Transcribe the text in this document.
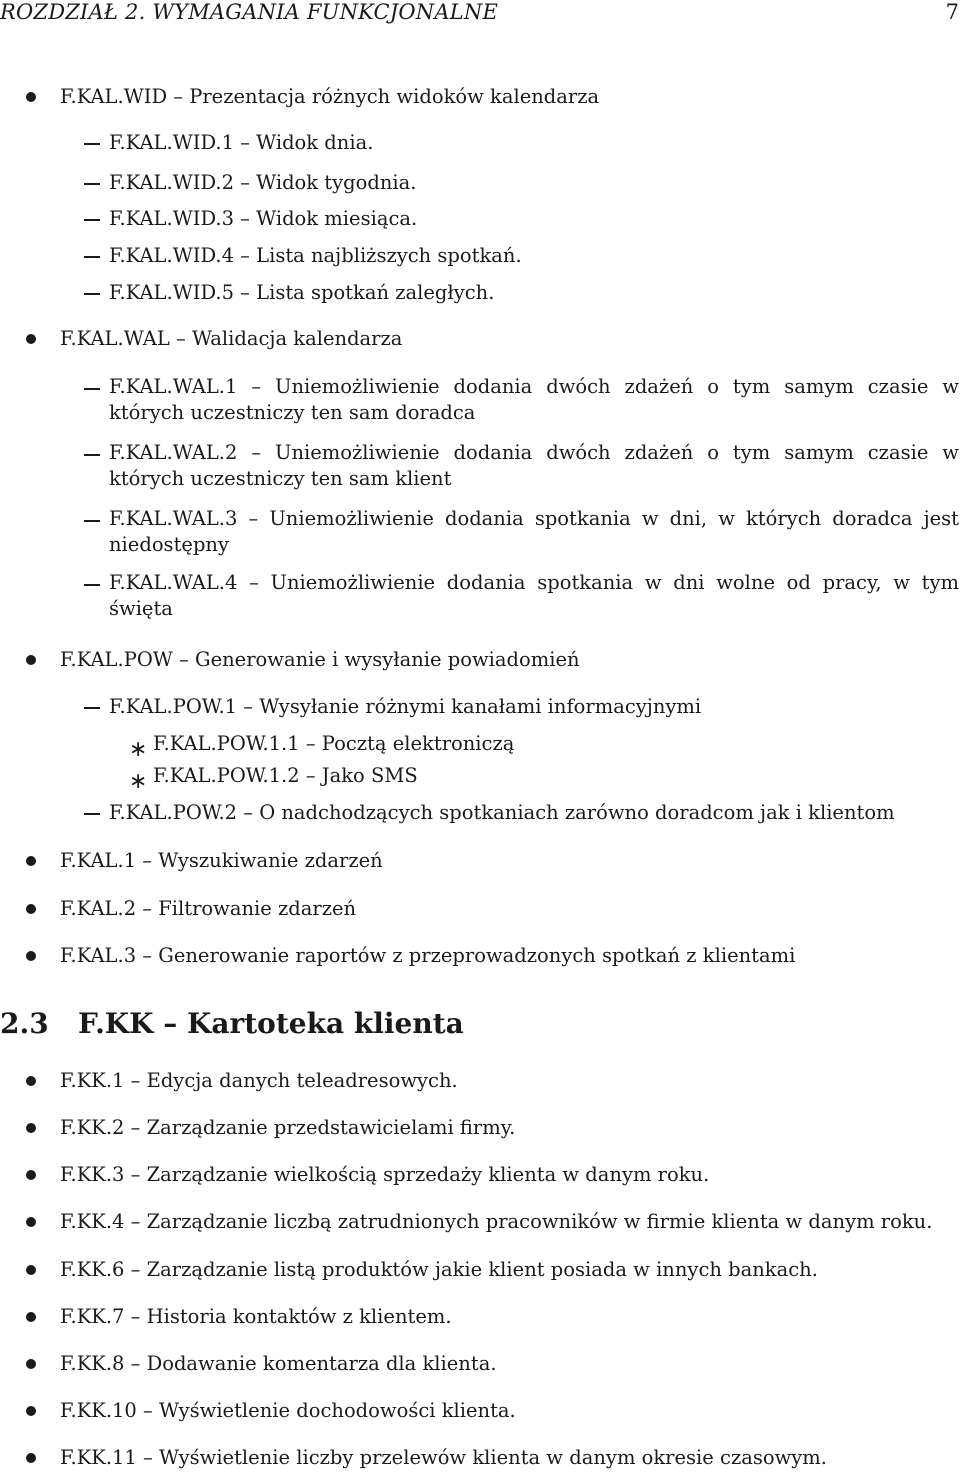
ROZDZIAŁ 2. WYMAGANIA FUNKCJONALNE	7
F.KAL.WID – Prezentacja różnych widoków kalendarza
F.KAL.WID.1 – Widok dnia.
F.KAL.WID.2 – Widok tygodnia.
F.KAL.WID.3 – Widok miesiąca.
F.KAL.WID.4 – Lista najbliższych spotkań.
F.KAL.WID.5 – Lista spotkań zaległych.
F.KAL.WAL – Walidacja kalendarza
F.KAL.WAL.1 – Uniemożliwienie dodania dwóch zdażeń o tym samym czasie w których uczestniczy ten sam doradca
F.KAL.WAL.2 – Uniemożliwienie dodania dwóch zdażeń o tym samym czasie w których uczestniczy ten sam klient
F.KAL.WAL.3 – Uniemożliwienie dodania spotkania w dni, w których doradca jest niedostępny
F.KAL.WAL.4 – Uniemożliwienie dodania spotkania w dni wolne od pracy, w tym święta
F.KAL.POW – Generowanie i wysyłanie powiadomień
F.KAL.POW.1 – Wysyłanie różnymi kanałami informacyjnymi
∗ F.KAL.POW.1.1 – Pocztą elektroniczą
∗ F.KAL.POW.1.2 – Jako SMS
F.KAL.POW.2 – O nadchodzących spotkaniach zarówno doradcom jak i klientom
F.KAL.1 – Wyszukiwanie zdarzeń
F.KAL.2 – Filtrowanie zdarzeń
F.KAL.3 – Generowanie raportów z przeprowadzonych spotkań z klientami
2.3 F.KK – Kartoteka klienta
F.KK.1 – Edycja danych teleadresowych.
F.KK.2 – Zarządzanie przedstawicielami firmy.
F.KK.3 – Zarządzanie wielkością sprzedaży klienta w danym roku.
F.KK.4 – Zarządzanie liczbą zatrudnionych pracowników w firmie klienta w danym roku.
F.KK.6 – Zarządzanie listą produktów jakie klient posiada w innych bankach.
F.KK.7 – Historia kontaktów z klientem.
F.KK.8 – Dodawanie komentarza dla klienta.
F.KK.10 – Wyświetlenie dochodowości klienta.
F.KK.11 – Wyświetlenie liczby przelewów klienta w danym okresie czasowym.
